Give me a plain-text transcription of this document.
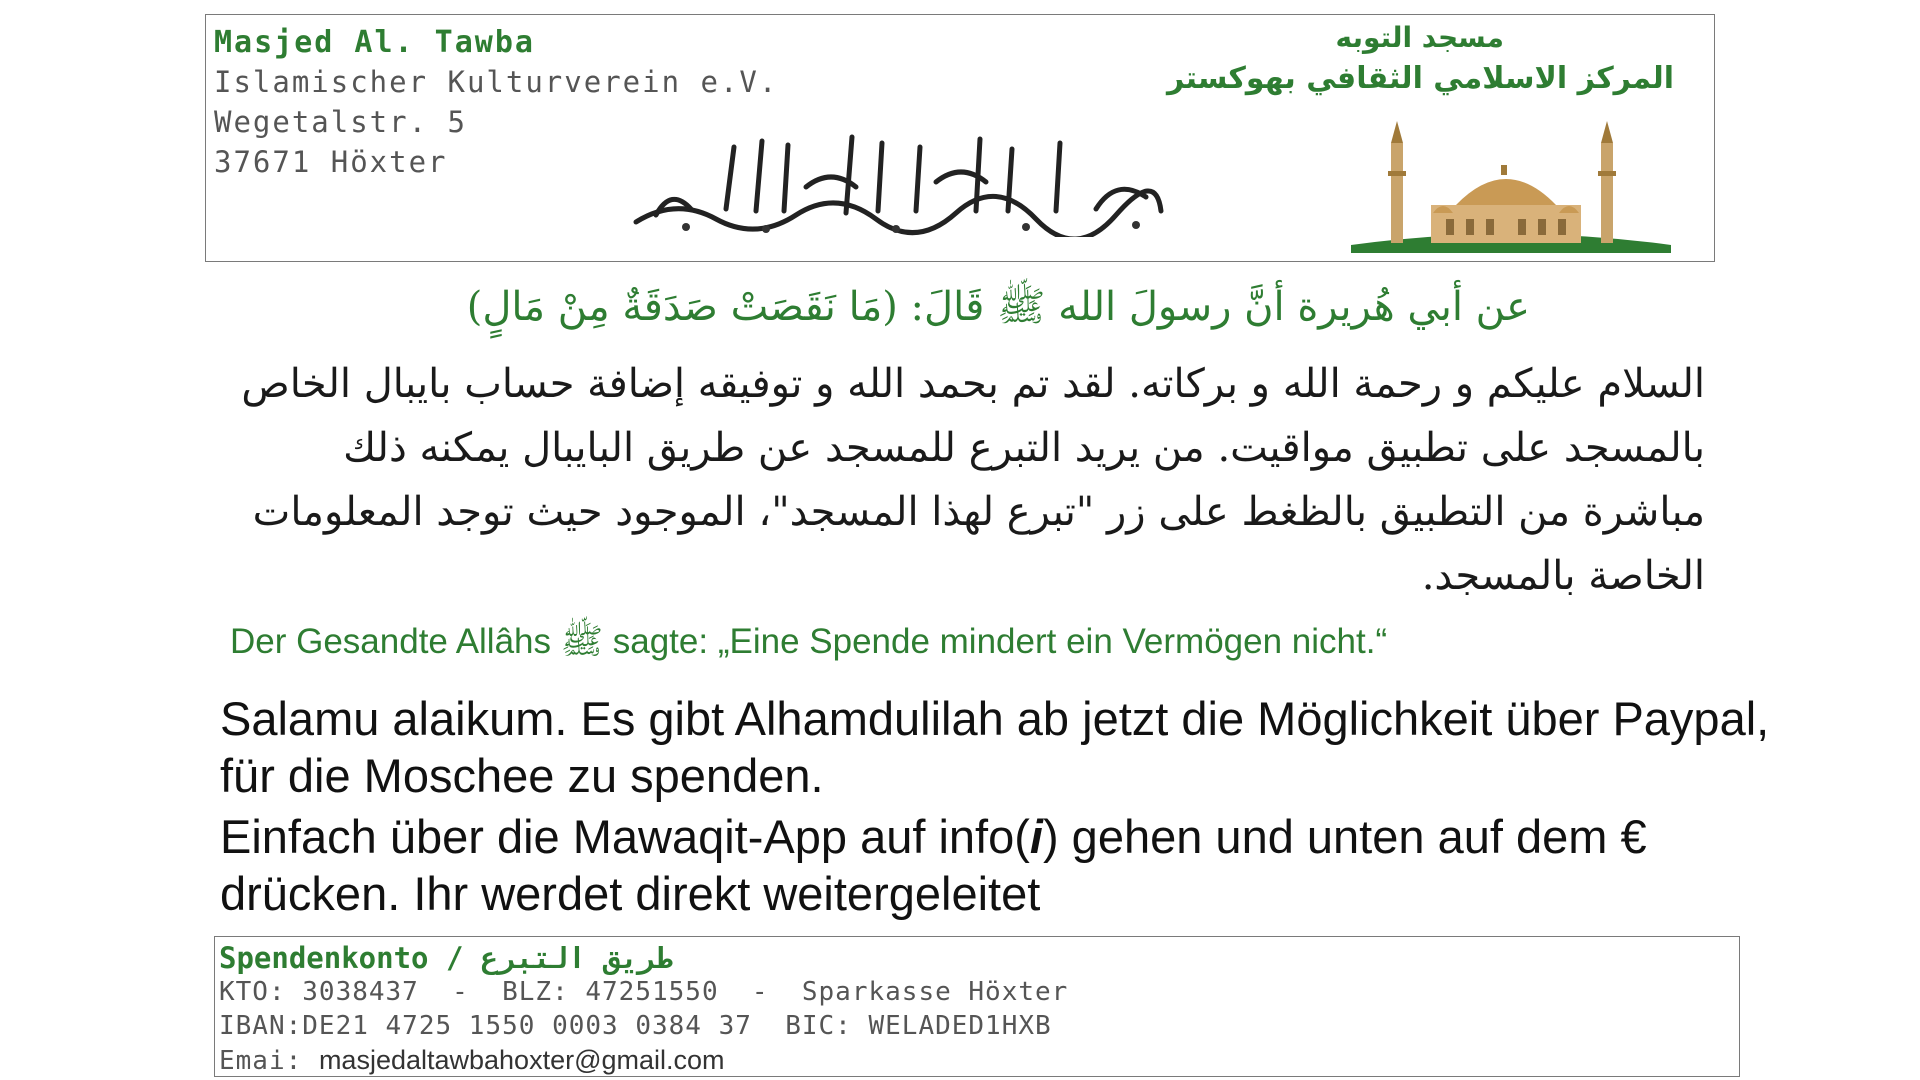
Masjed Al. Tawba
Islamischer Kulturverein e.V.
Wegetalstr. 5
37671 Höxter
مسجد التوبه
المركز الاسلامي الثقافي بهوكستر
عن أبي هُريرة أنَّ رسولَ الله ﷺ قَالَ: (مَا نَقَصَتْ صَدَقَةٌ مِنْ مَالٍ)
السلام عليكم و رحمة الله و بركاته. لقد تم بحمد الله و توفيقه إضافة حساب بايبال الخاص بالمسجد على تطبيق مواقيت. من يريد التبرع للمسجد عن طريق البايبال يمكنه ذلك مباشرة من التطبيق بالظغط على زر "تبرع لهذا المسجد"، الموجود حيث توجد المعلومات الخاصة بالمسجد.
Der Gesandte Allâhs ﷺ sagte: „Eine Spende mindert ein Vermögen nicht.“

Salamu alaikum. Es gibt Alhamdulilah ab jetzt die Möglichkeit über Paypal, für die Moschee zu spenden.

Einfach über die Mawaqit-App auf info(i) gehen und unten auf dem € drücken. Ihr werdet direkt weitergeleitet

Spendenkonto / طريق التبرع
KTO: 3038437  -  BLZ: 47251550  -  Sparkasse Höxter
IBAN:DE21 4725 1550 0003 0384 37  BIC: WELADED1HXB
Emai: masjedaltawbahoxter@gmail.com
